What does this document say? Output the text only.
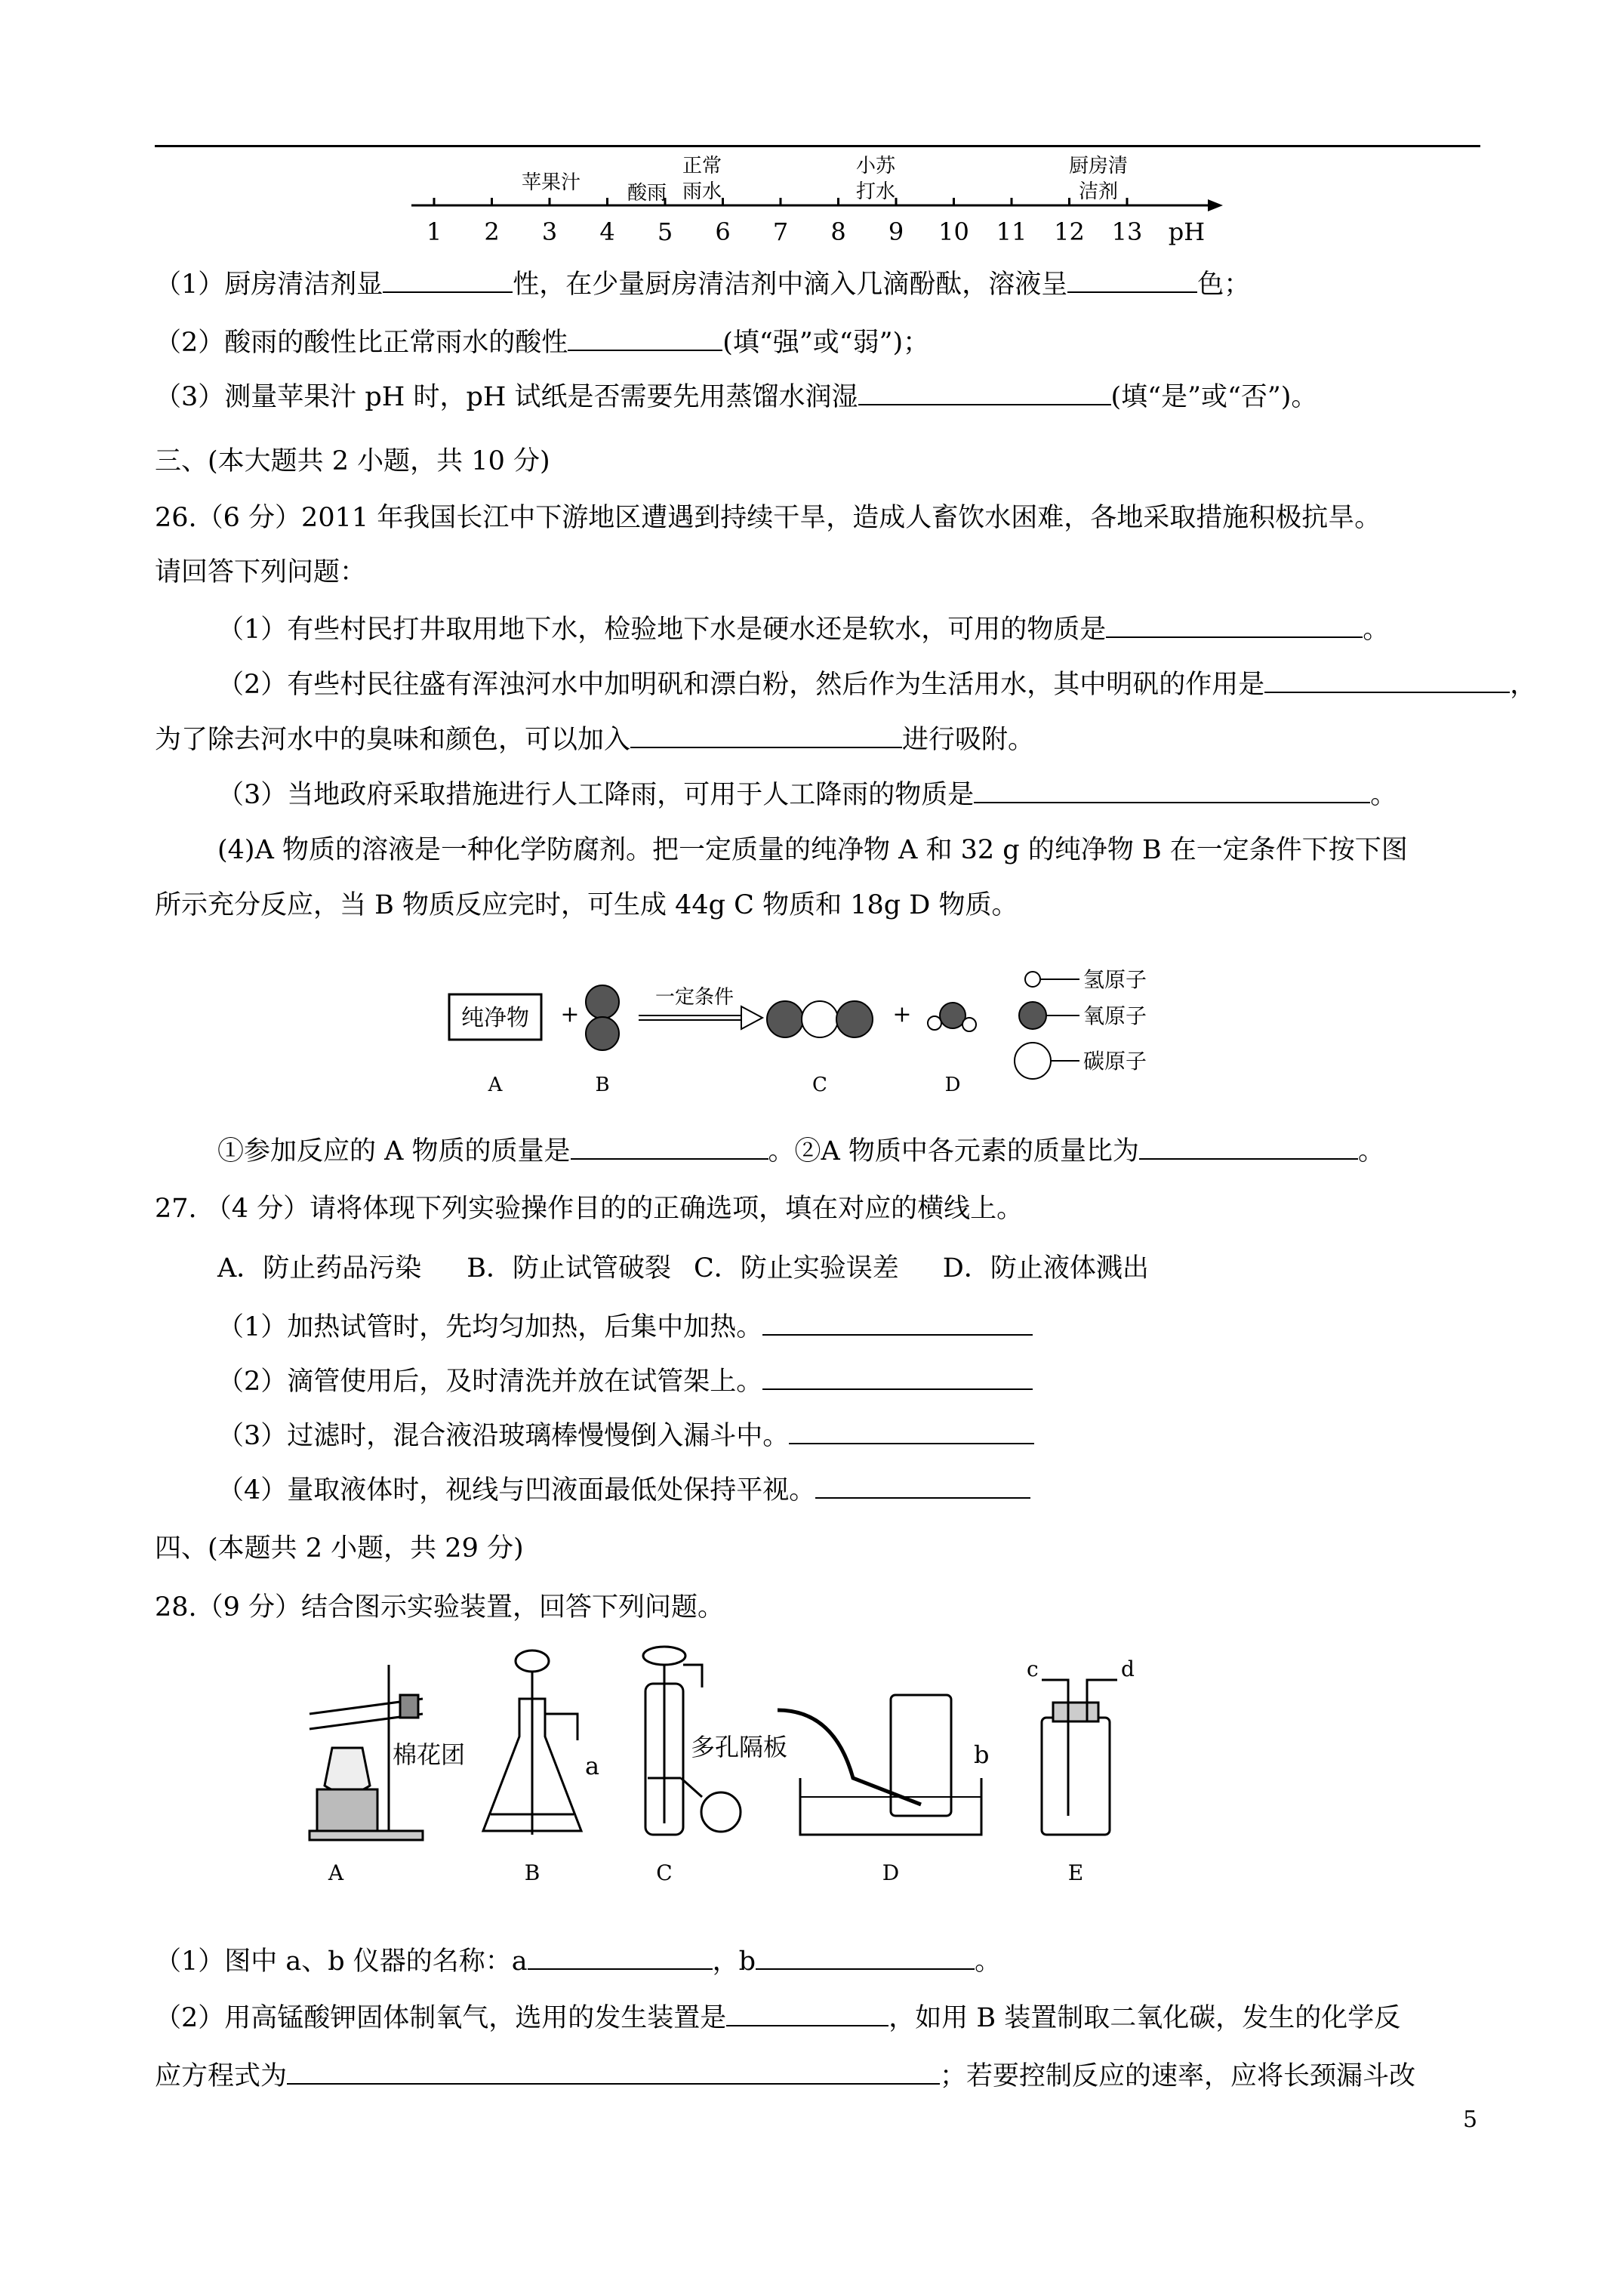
1 2 3 4 5 6 7 8 9 10 11 12 13
苹果汁 酸雨
正常
雨水
小苏
打水
厨房清
洁剂
pH
（1）厨房清洁剂显	性，在少量厨房清洁剂中滴入几滴酚酞，溶液呈	色；
（2）酸雨的酸性比正常雨水的酸性	(填“强”或“弱”)；
（3）测量苹果汁 pH 时，pH 试纸是否需要先用蒸馏水润湿	(填“是”或“否”)。
三、(本大题共 2 小题，共 10 分)
26.（6 分）2011 年我国长江中下游地区遭遇到持续干旱，造成人畜饮水困难，各地采取措施积极抗旱。
请回答下列问题：
（1）有些村民打井取用地下水，检验地下水是硬水还是软水，可用的物质是	。
（2）有些村民往盛有浑浊河水中加明矾和漂白粉，然后作为生活用水，其中明矾的作用是	，
为了除去河水中的臭味和颜色，可以加入	进行吸附。
（3）当地政府采取措施进行人工降雨，可用于人工降雨的物质是	。
(4)A 物质的溶液是一种化学防腐剂。把一定质量的纯净物 A 和 32 g 的纯净物 B 在一定条件下按下图
所示充分反应，当 B 物质反应完时，可生成 44g C 物质和 18g D 物质。
纯净物 +
一定条件
+
A	B	C	D
氢原子
氧原子
碳原子
①参加反应的 A 物质的质量是	。②A 物质中各元素的质量比为	。
27. （4 分）请将体现下列实验操作目的的正确选项，填在对应的横线上。
A．防止药品污染 B．防止试管破裂 C．防止实验误差 D．防止液体溅出
（1）加热试管时，先均匀加热，后集中加热。
（2）滴管使用后，及时清洗并放在试管架上。
（3）过滤时，混合液沿玻璃棒慢慢倒入漏斗中。
（4）量取液体时，视线与凹液面最低处保持平视。
四、(本题共 2 小题，共 29 分)
28.（9 分）结合图示实验装置，回答下列问题。
棉花团
A
a
B
多孔隔板
C
b
D
c	d
E
（1）图中 a、b 仪器的名称：a	，b	。
（2）用高锰酸钾固体制氧气，选用的发生装置是	，如用 B 装置制取二氧化碳，发生的化学反
应方程式为	；若要控制反应的速率，应将长颈漏斗改
5
